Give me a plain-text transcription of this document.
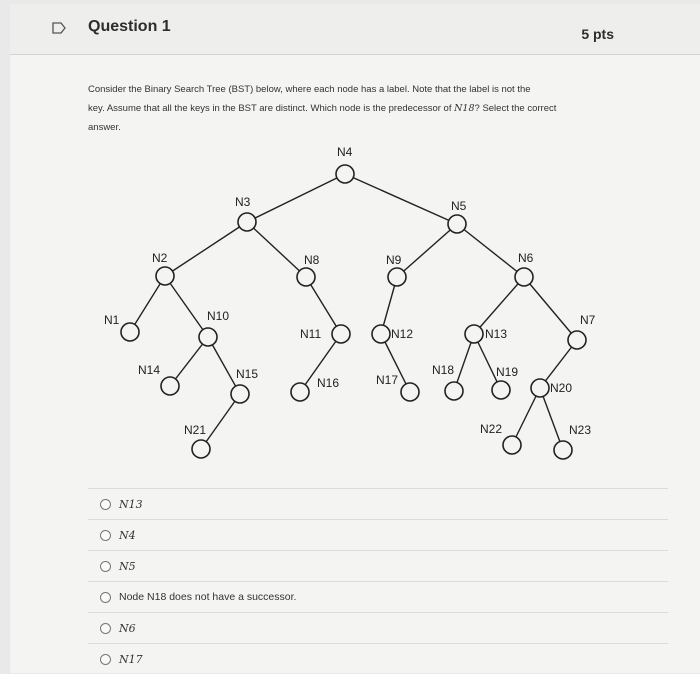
Question 1	5 pts
Consider the Binary Search Tree (BST) below, where each node has a label. Note that the label is not the
key. Assume that all the keys in the BST are distinct. Which node is the predecessor of N18? Select the correct
answer.
N4
N3	N5
N2	N8	N9	N6
N1	N10
N11	N12	N13
N7
N14	N15
N16	N17
N18	N19
N20
N21	N22	N23
N13
N4
N5
Node N18 does not have a successor.
N6
N17
